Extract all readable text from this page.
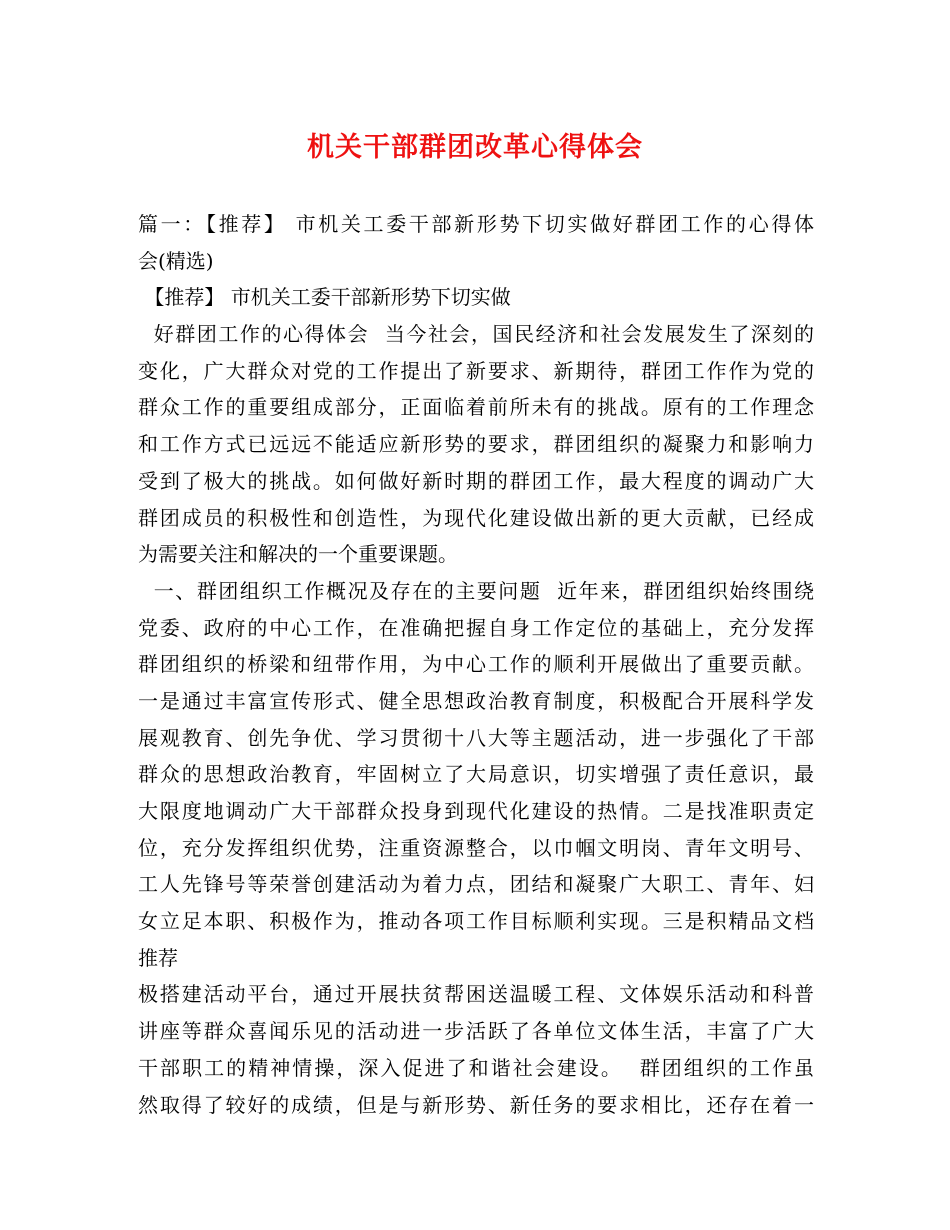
机关干部群团改革心得体会
篇一：【推荐】 市机关工委干部新形势下切实做好群团工作的心得体
会(精选)
【推荐】 市机关工委干部新形势下切实做
好群团工作的心得体会  当今社会，国民经济和社会发展发生了深刻的
变化，广大群众对党的工作提出了新要求、新期待，群团工作作为党的
群众工作的重要组成部分，正面临着前所未有的挑战。原有的工作理念
和工作方式已远远不能适应新形势的要求，群团组织的凝聚力和影响力
受到了极大的挑战。如何做好新时期的群团工作，最大程度的调动广大
群团成员的积极性和创造性，为现代化建设做出新的更大贡献，已经成
为需要关注和解决的一个重要课题。
一、群团组织工作概况及存在的主要问题  近年来，群团组织始终围绕
党委、政府的中心工作，在准确把握自身工作定位的基础上，充分发挥
群团组织的桥梁和纽带作用，为中心工作的顺利开展做出了重要贡献。
一是通过丰富宣传形式、健全思想政治教育制度，积极配合开展科学发
展观教育、创先争优、学习贯彻十八大等主题活动，进一步强化了干部
群众的思想政治教育，牢固树立了大局意识，切实增强了责任意识，最
大限度地调动广大干部群众投身到现代化建设的热情。二是找准职责定
位，充分发挥组织优势，注重资源整合，以巾帼文明岗、青年文明号、
工人先锋号等荣誉创建活动为着力点，团结和凝聚广大职工、青年、妇
女立足本职、积极作为，推动各项工作目标顺利实现。三是积精品文档
推荐
极搭建活动平台，通过开展扶贫帮困送温暖工程、文体娱乐活动和科普
讲座等群众喜闻乐见的活动进一步活跃了各单位文体生活，丰富了广大
干部职工的精神情操，深入促进了和谐社会建设。  群团组织的工作虽
然取得了较好的成绩，但是与新形势、新任务的要求相比，还存在着一
